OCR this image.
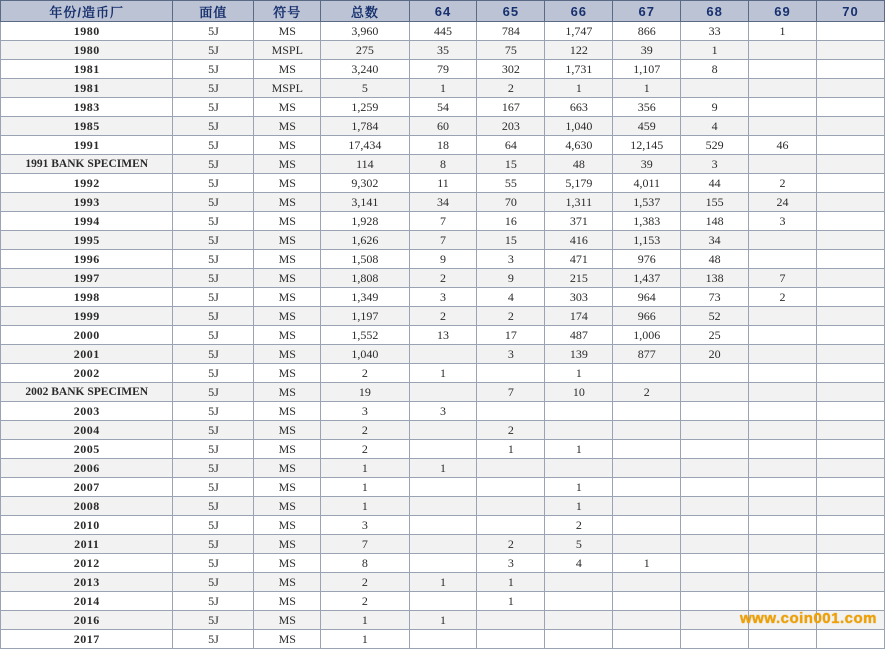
年份/造币厂	面值	符号	总数	64	65	66	67	68	69	70
1980	5J	MS	3,960	445	784	1,747	866	33	1	
1980	5J	MSPL	275	35	75	122	39	1		
1981	5J	MS	3,240	79	302	1,731	1,107	8		
1981	5J	MSPL	5	1	2	1	1			
1983	5J	MS	1,259	54	167	663	356	9		
1985	5J	MS	1,784	60	203	1,040	459	4		
1991	5J	MS	17,434	18	64	4,630	12,145	529	46	
1991 BANK SPECIMEN	5J	MS	114	8	15	48	39	3		
1992	5J	MS	9,302	11	55	5,179	4,011	44	2	
1993	5J	MS	3,141	34	70	1,311	1,537	155	24	
1994	5J	MS	1,928	7	16	371	1,383	148	3	
1995	5J	MS	1,626	7	15	416	1,153	34		
1996	5J	MS	1,508	9	3	471	976	48		
1997	5J	MS	1,808	2	9	215	1,437	138	7	
1998	5J	MS	1,349	3	4	303	964	73	2	
1999	5J	MS	1,197	2	2	174	966	52		
2000	5J	MS	1,552	13	17	487	1,006	25		
2001	5J	MS	1,040		3	139	877	20		
2002	5J	MS	2	1		1				
2002 BANK SPECIMEN	5J	MS	19		7	10	2			
2003	5J	MS	3	3						
2004	5J	MS	2		2					
2005	5J	MS	2		1	1				
2006	5J	MS	1	1						
2007	5J	MS	1			1				
2008	5J	MS	1			1				
2010	5J	MS	3			2				
2011	5J	MS	7		2	5				
2012	5J	MS	8		3	4	1			
2013	5J	MS	2	1	1					
2014	5J	MS	2		1					
2016	5J	MS	1	1						
2017	5J	MS	1							
www.coin001.com
